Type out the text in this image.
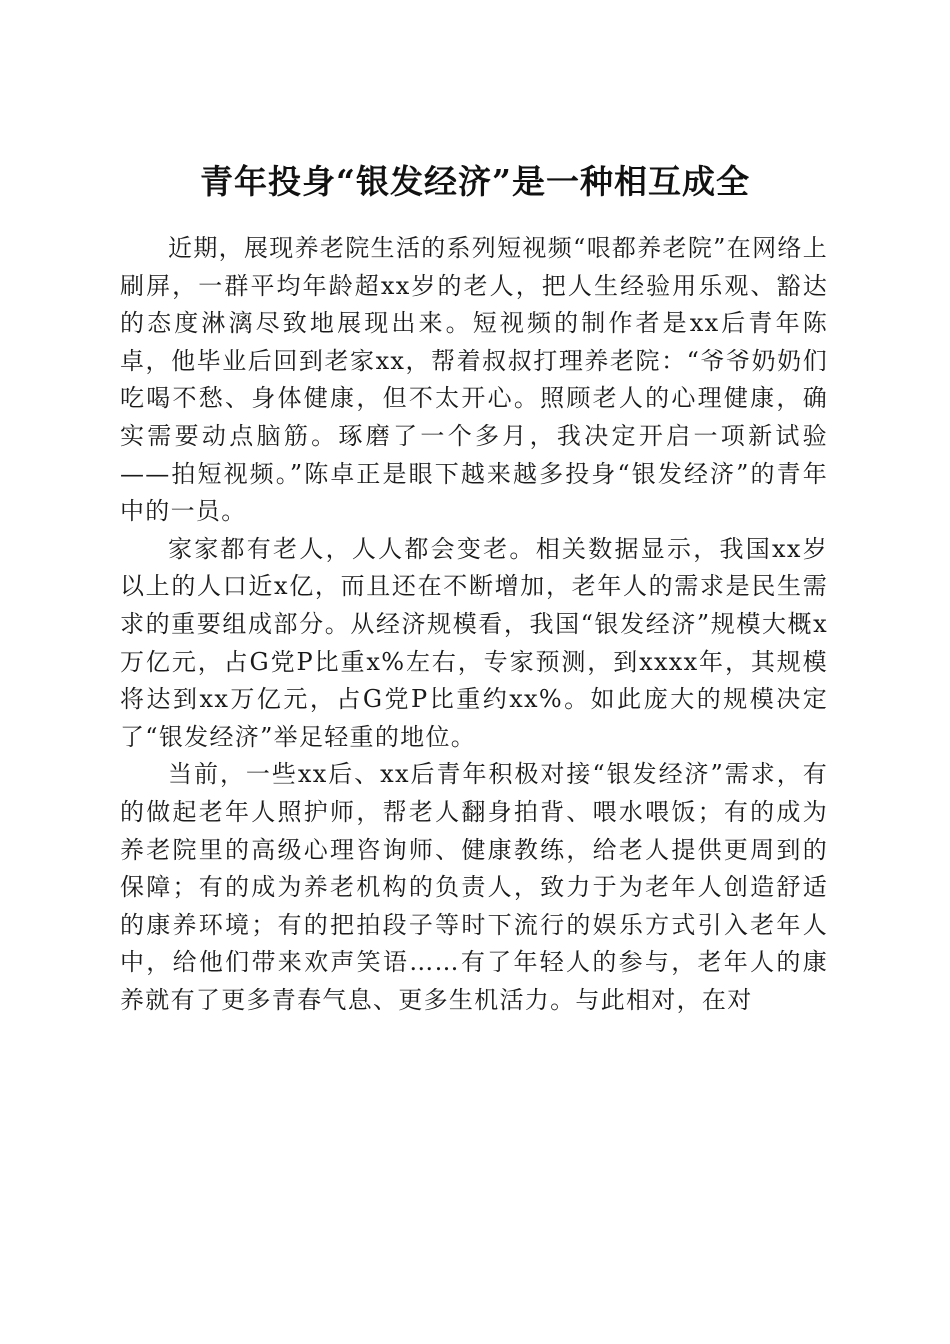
青年投身“银发经济”是一种相互成全

近期，展现养老院生活的系列短视频“哏都养老院”在网络上刷屏，一群平均年龄超xx岁的老人，把人生经验用乐观、豁达的态度淋漓尽致地展现出来。短视频的制作者是xx后青年陈卓，他毕业后回到老家xx，帮着叔叔打理养老院：“爷爷奶奶们吃喝不愁、身体健康，但不太开心。照顾老人的心理健康，确实需要动点脑筋。琢磨了一个多月，我决定开启一项新试验——拍短视频。”陈卓正是眼下越来越多投身“银发经济”的青年中的一员。

家家都有老人，人人都会变老。相关数据显示，我国xx岁以上的人口近x亿，而且还在不断增加，老年人的需求是民生需求的重要组成部分。从经济规模看，我国“银发经济”规模大概x万亿元，占G党P比重x%左右，专家预测，到xxxx年，其规模将达到xx万亿元，占G党P比重约xx%。如此庞大的规模决定了“银发经济”举足轻重的地位。

当前，一些xx后、xx后青年积极对接“银发经济”需求，有的做起老年人照护师，帮老人翻身拍背、喂水喂饭；有的成为养老院里的高级心理咨询师、健康教练，给老人提供更周到的保障；有的成为养老机构的负责人，致力于为老年人创造舒适的康养环境；有的把拍段子等时下流行的娱乐方式引入老年人中，给他们带来欢声笑语……有了年轻人的参与，老年人的康养就有了更多青春气息、更多生机活力。与此相对，在对
